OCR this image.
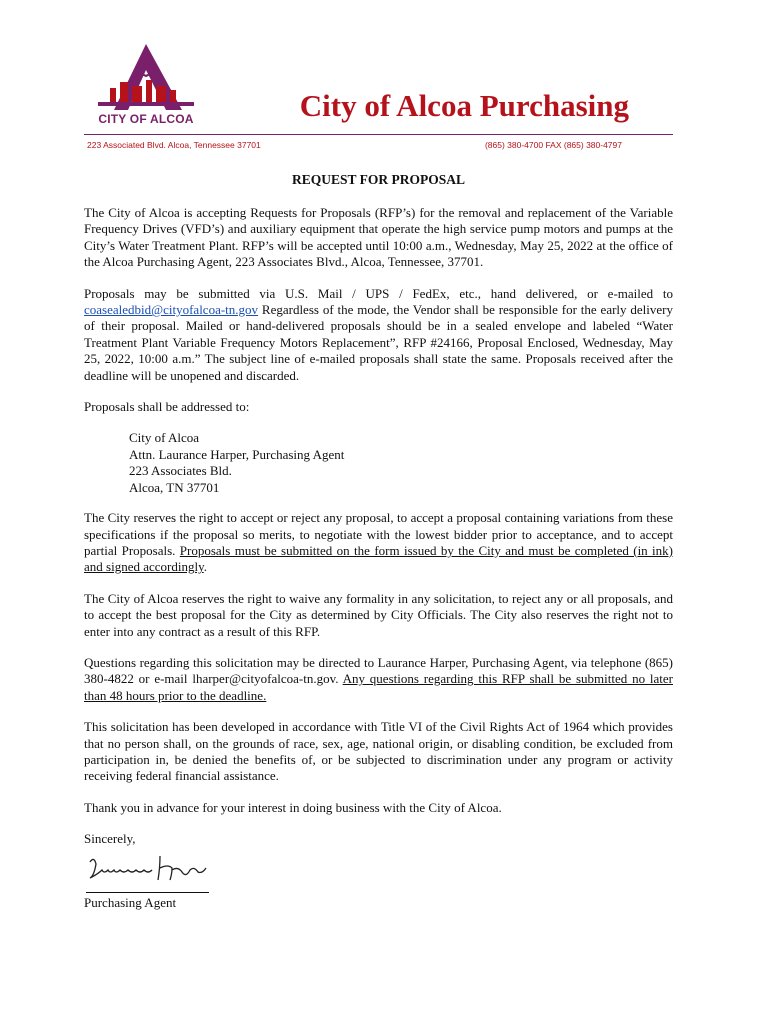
CITY OF ALCOA	City of Alcoa Purchasing
223 Associated Blvd. Alcoa, Tennessee 37701	(865) 380-4700 FAX (865) 380-4797
REQUEST FOR PROPOSAL

The City of Alcoa is accepting Requests for Proposals (RFP’s) for the removal and replacement of the Variable Frequency Drives (VFD’s) and auxiliary equipment that operate the high service pump motors and pumps at the City’s Water Treatment Plant. RFP’s will be accepted until 10:00 a.m., Wednesday, May 25, 2022 at the office of the Alcoa Purchasing Agent, 223 Associates Blvd., Alcoa, Tennessee, 37701.

Proposals may be submitted via U.S. Mail / UPS / FedEx, etc., hand delivered, or e-mailed to coasealedbid@cityofalcoa-tn.gov Regardless of the mode, the Vendor shall be responsible for the early delivery of their proposal. Mailed or hand-delivered proposals should be in a sealed envelope and labeled “Water Treatment Plant Variable Frequency Motors Replacement”, RFP #24166, Proposal Enclosed, Wednesday, May 25, 2022, 10:00 a.m.” The subject line of e-mailed proposals shall state the same. Proposals received after the deadline will be unopened and discarded.

Proposals shall be addressed to:

City of Alcoa
Attn. Laurance Harper, Purchasing Agent
223 Associates Bld.
Alcoa, TN 37701

The City reserves the right to accept or reject any proposal, to accept a proposal containing variations from these specifications if the proposal so merits, to negotiate with the lowest bidder prior to acceptance, and to accept partial Proposals. Proposals must be submitted on the form issued by the City and must be completed (in ink) and signed accordingly.

The City of Alcoa reserves the right to waive any formality in any solicitation, to reject any or all proposals, and to accept the best proposal for the City as determined by City Officials. The City also reserves the right not to enter into any contract as a result of this RFP.

Questions regarding this solicitation may be directed to Laurance Harper, Purchasing Agent, via telephone (865) 380-4822 or e-mail lharper@cityofalcoa-tn.gov. Any questions regarding this RFP shall be submitted no later than 48 hours prior to the deadline.

This solicitation has been developed in accordance with Title VI of the Civil Rights Act of 1964 which provides that no person shall, on the grounds of race, sex, age, national origin, or disabling condition, be excluded from participation in, be denied the benefits of, or be subjected to discrimination under any program or activity receiving federal financial assistance.

Thank you in advance for your interest in doing business with the City of Alcoa.

Sincerely,

Purchasing Agent
